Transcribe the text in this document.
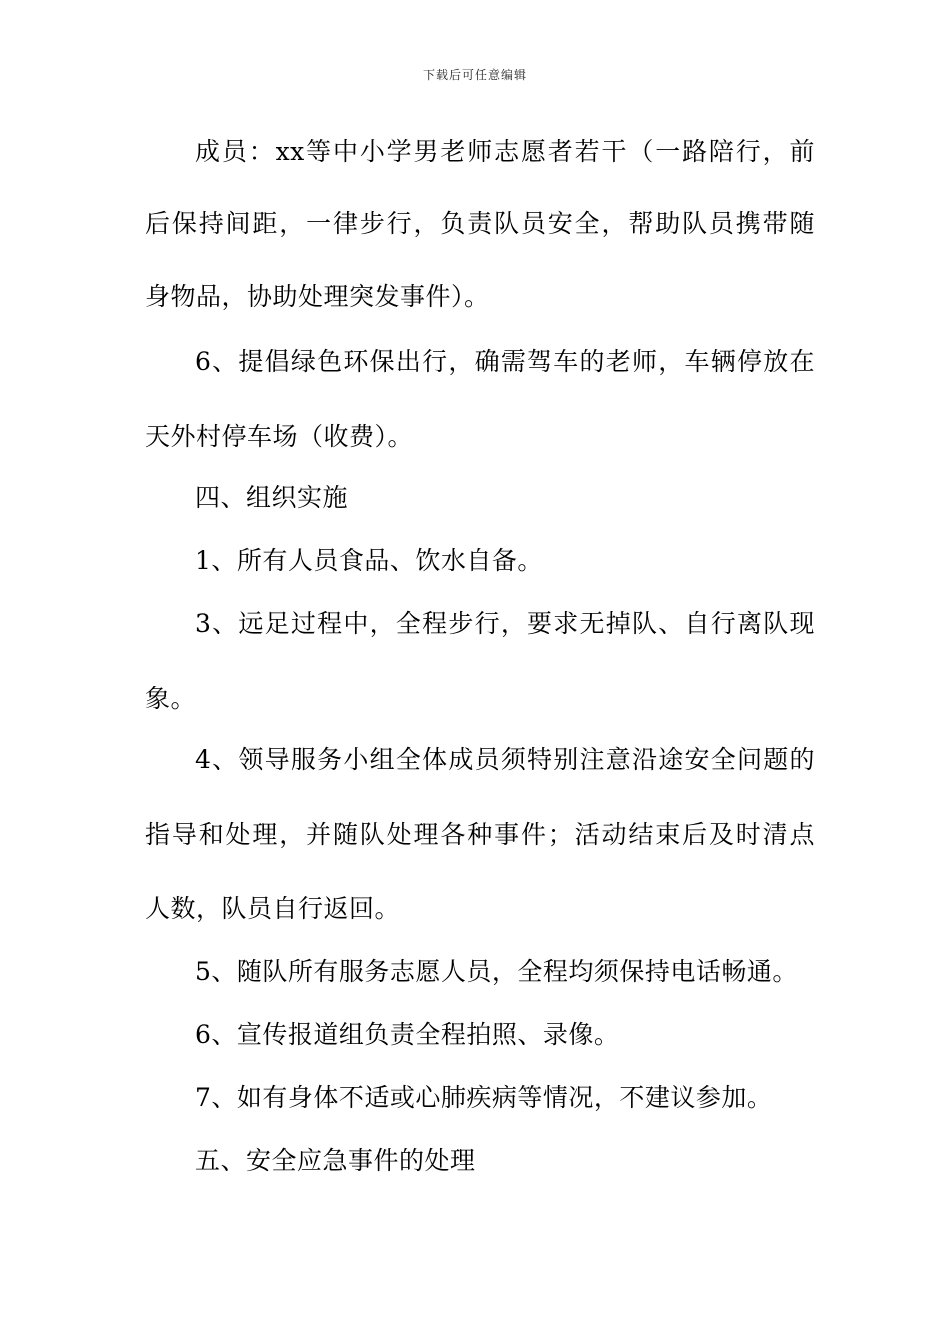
下载后可任意编辑
成员：xx等中小学男老师志愿者若干（一路陪行，前
后保持间距，一律步行，负责队员安全，帮助队员携带随
身物品，协助处理突发事件）。
6、提倡绿色环保出行，确需驾车的老师，车辆停放在
天外村停车场（收费）。
四、组织实施
1、所有人员食品、饮水自备。
3、远足过程中，全程步行，要求无掉队、自行离队现
象。
4、领导服务小组全体成员须特别注意沿途安全问题的
指导和处理，并随队处理各种事件；活动结束后及时清点
人数，队员自行返回。
5、随队所有服务志愿人员，全程均须保持电话畅通。
6、宣传报道组负责全程拍照、录像。
7、如有身体不适或心肺疾病等情况，不建议参加。
五、安全应急事件的处理
